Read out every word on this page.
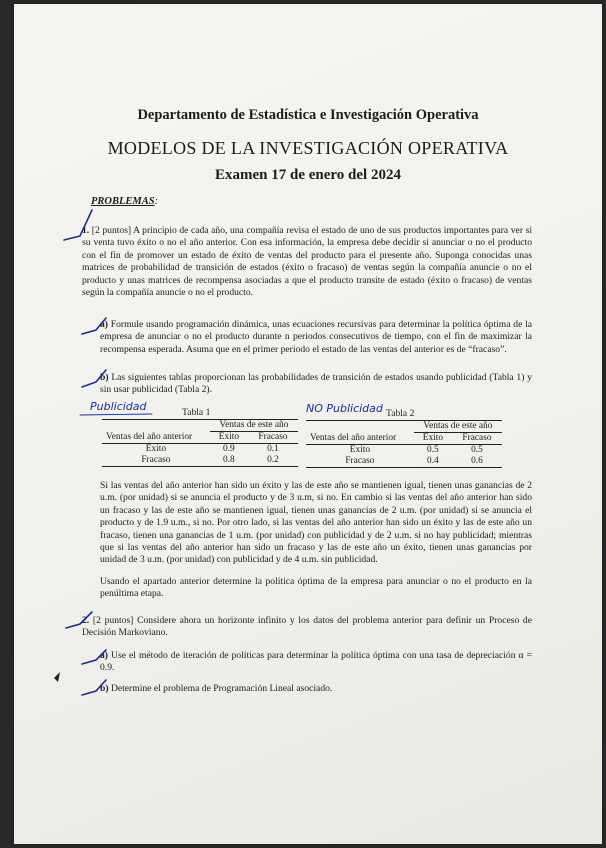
Departamento de Estadística e Investigación Operativa
MODELOS DE LA INVESTIGACIÓN OPERATIVA
Examen 17 de enero del 2024
PROBLEMAS:
1. [2 puntos] A principio de cada año, una compañía revisa el estado de uno de sus productos importantes para ver si su venta tuvo éxito o no el año anterior. Con esa información, la empresa debe decidir si anunciar o no el producto con el fin de promover un estado de éxito de ventas del producto para el presente año. Suponga conocidas unas matrices de probabilidad de transición de estados (éxito o fracaso) de ventas según la compañía anuncie o no el producto y unas matrices de recompensa asociadas a que el producto transite de estado (éxito o fracaso) de ventas según la compañía anuncie o no el producto.
a) Formule usando programación dinámica, unas ecuaciones recursivas para determinar la política óptima de la empresa de anunciar o no el producto durante n periodos consecutivos de tiempo, con el fin de maximizar la recompensa esperada. Asuma que en el primer periodo el estado de las ventas del anterior es de “fracaso”.
b) Las siguientes tablas proporcionan las probabilidades de transición de estados usando publicidad (Tabla 1) y sin usar publicidad (Tabla 2).
Publicidad	Tabla 1
	Ventas de este año	
Ventas del año anterior	Éxito	Fracaso
Éxito	0.9	0.1
Fracaso	0.8	0.2
NO Publicidad Tabla 2
	Ventas de este año	
Ventas del año anterior	Éxito	Fracaso
Éxito	0.5	0.5
Fracaso	0.4	0.6
Si las ventas del año anterior han sido un éxito y las de este año se mantienen igual, tienen unas ganancias de 2 u.m. (por unidad) si se anuncia el producto y de 3 u.m, si no. En cambio si las ventas del año anterior han sido un fracaso y las de este año se mantienen igual, tienen unas ganancias de 2 u.m. (por unidad) si se anuncia el producto y de 1.9 u.m., si no. Por otro lado, si las ventas del año anterior han sido un éxito y las de este año un fracaso, tienen una ganancias de 1 u.m. (por unidad) con publicidad y de 2 u.m. si no hay publicidad; mientras que si las ventas del año anterior han sido un fracaso y las de este año un éxito, tienen unas ganancias por unidad de 3 u.m. (por unidad) con publicidad y de 4 u.m. sin publicidad.
Usando el apartado anterior determine la política óptima de la empresa para anunciar o no el producto en la penúltima etapa.
2. [2 puntos] Considere ahora un horizonte infinito y los datos del problema anterior para definir un Proceso de Decisión Markoviano.
a) Use el método de iteración de políticas para determinar la política óptima con una tasa de depreciación α = 0.9.
b) Determine el problema de Programación Lineal asociado.
